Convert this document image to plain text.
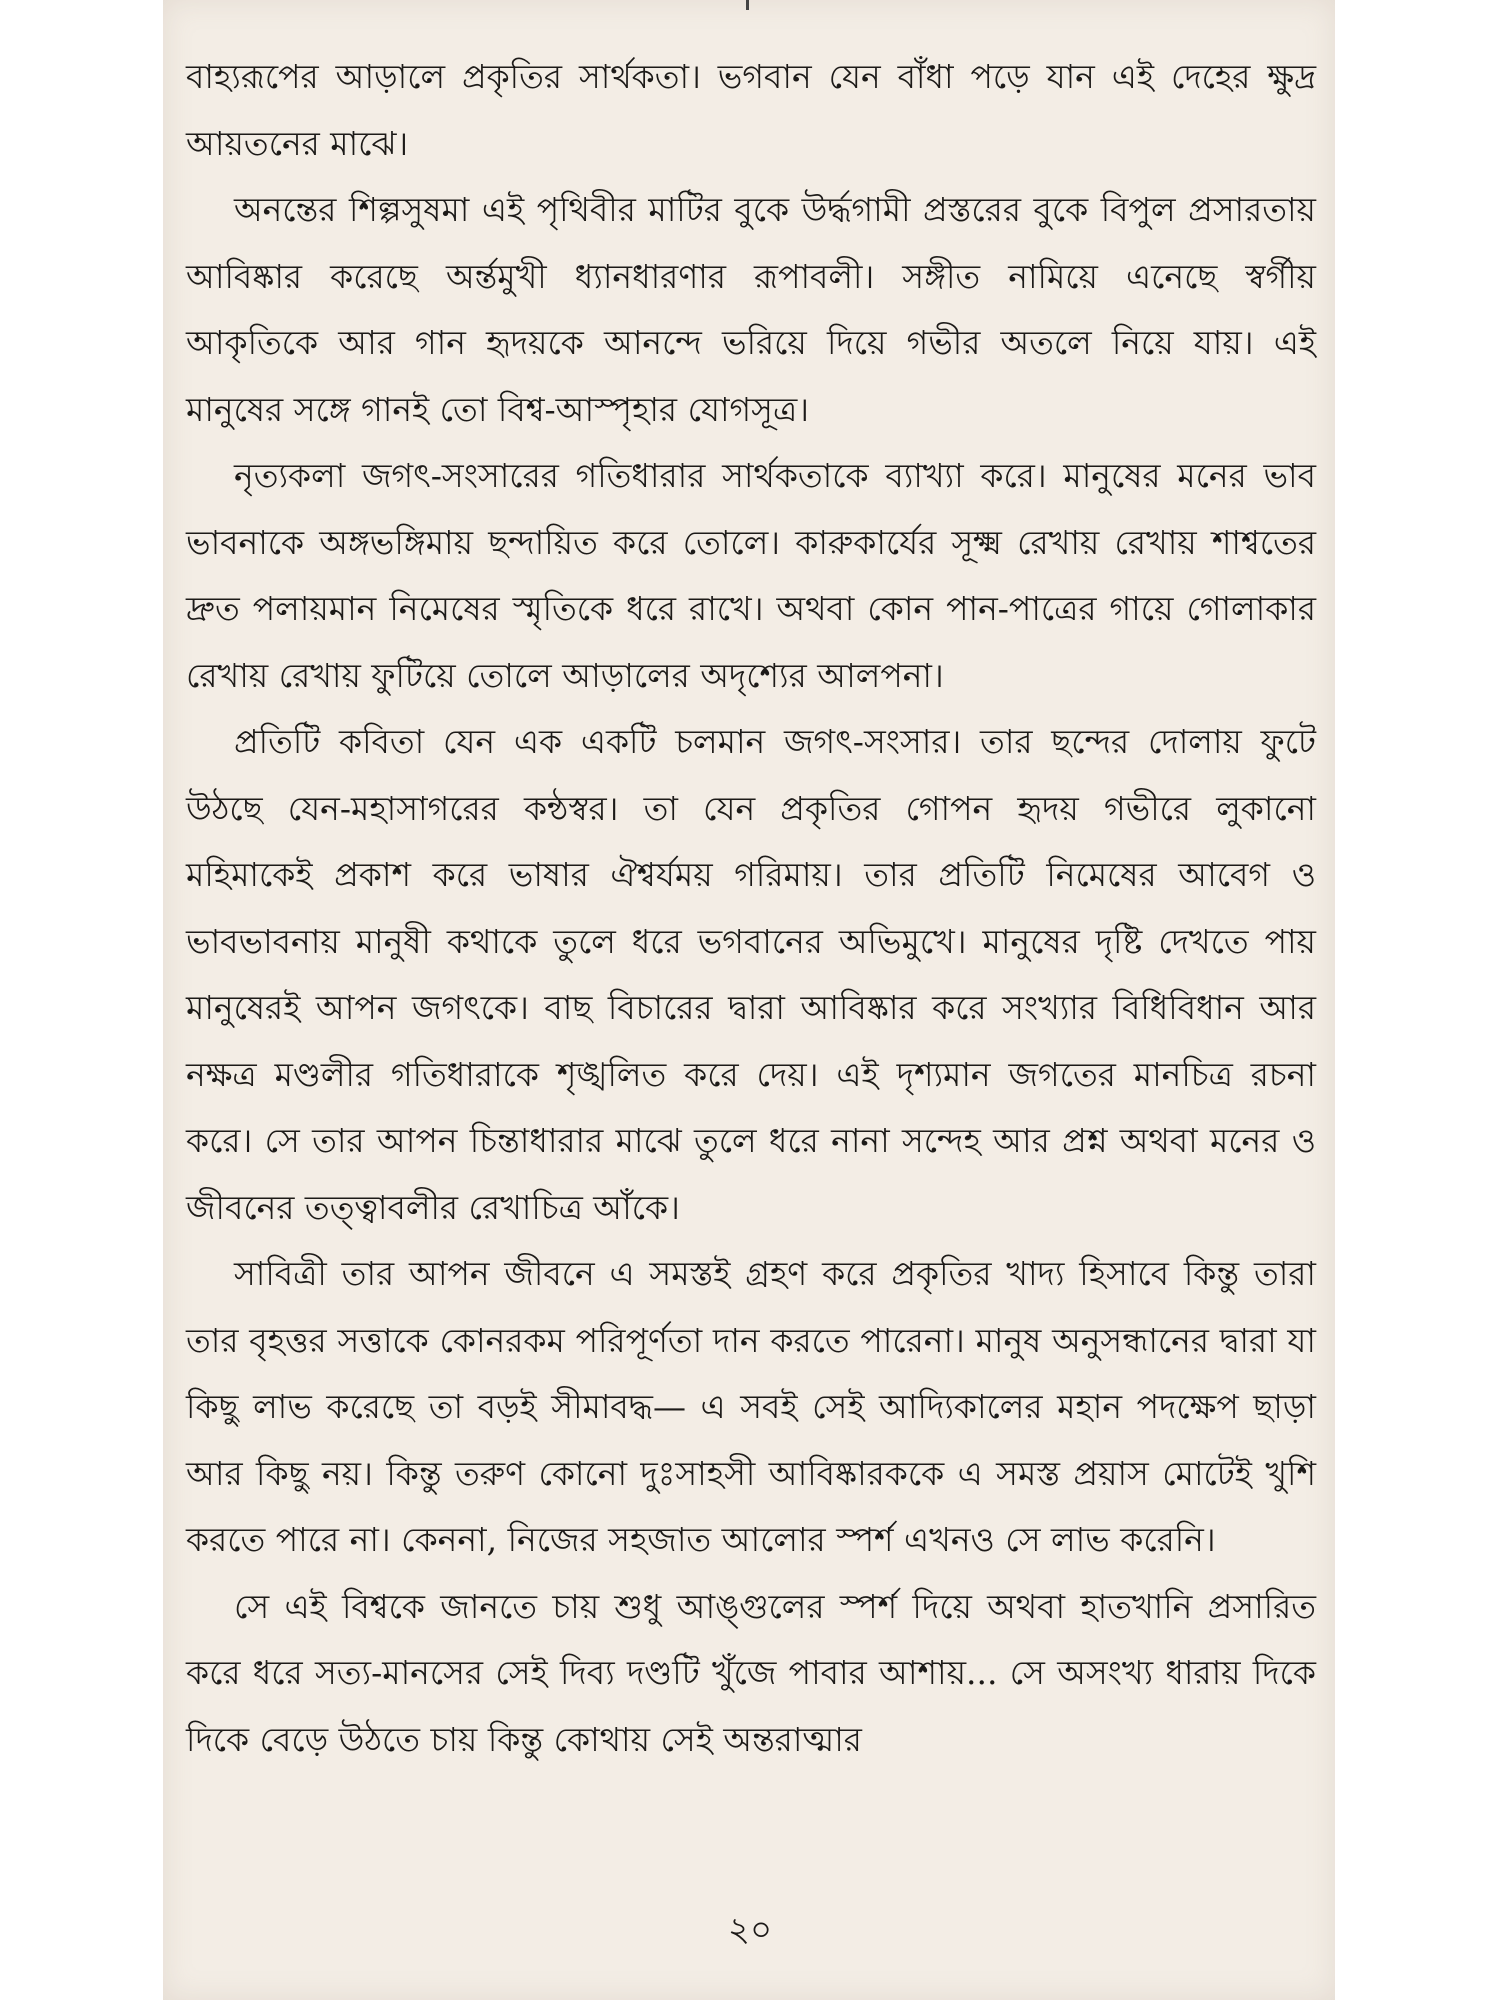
বাহ্যরূপের আড়ালে প্রকৃতির সার্থকতা। ভগবান যেন বাঁধা পড়ে যান এই দেহের ক্ষুদ্র আয়তনের মাঝে।

অনন্তের শিল্পসুষমা এই পৃথিবীর মাটির বুকে উর্দ্ধগামী প্রস্তরের বুকে বিপুল প্রসারতায় আবিষ্কার করেছে অর্ন্তমুখী ধ্যানধারণার রূপাবলী। সঙ্গীত নামিয়ে এনেছে স্বর্গীয় আকৃতিকে আর গান হৃদয়কে আনন্দে ভরিয়ে দিয়ে গভীর অতলে নিয়ে যায়। এই মানুষের সঙ্গে গানই তো বিশ্ব-আস্পৃহার যোগসূত্র।

নৃত্যকলা জগৎ-সংসারের গতিধারার সার্থকতাকে ব্যাখ্যা করে। মানুষের মনের ভাব ভাবনাকে অঙ্গভঙ্গিমায় ছন্দায়িত করে তোলে। কারুকার্যের সূক্ষ্ম রেখায় রেখায় শাশ্বতের দ্রুত পলায়মান নিমেষের স্মৃতিকে ধরে রাখে। অথবা কোন পান-পাত্রের গায়ে গোলাকার রেখায় রেখায় ফুটিয়ে তোলে আড়ালের অদৃশ্যের আলপনা।

প্রতিটি কবিতা যেন এক একটি চলমান জগৎ-সংসার। তার ছন্দের দোলায় ফুটে উঠছে যেন-মহাসাগরের কন্ঠস্বর। তা যেন প্রকৃতির গোপন হৃদয় গভীরে লুকানো মহিমাকেই প্রকাশ করে ভাষার ঐশ্বর্যময় গরিমায়। তার প্রতিটি নিমেষের আবেগ ও ভাবভাবনায় মানুষী কথাকে তুলে ধরে ভগবানের অভিমুখে। মানুষের দৃষ্টি দেখতে পায় মানুষেরই আপন জগৎকে। বাছ বিচারের দ্বারা আবিষ্কার করে সংখ্যার বিধিবিধান আর নক্ষত্র মণ্ডলীর গতিধারাকে শৃঙ্খলিত করে দেয়। এই দৃশ্যমান জগতের মানচিত্র রচনা করে। সে তার আপন চিন্তাধারার মাঝে তুলে ধরে নানা সন্দেহ আর প্রশ্ন অথবা মনের ও জীবনের তত্ত্বাবলীর রেখাচিত্র আঁকে।

সাবিত্রী তার আপন জীবনে এ সমস্তই গ্রহণ করে প্রকৃতির খাদ্য হিসাবে কিন্তু তারা তার বৃহত্তর সত্তাকে কোনরকম পরিপূর্ণতা দান করতে পারেনা। মানুষ অনুসন্ধানের দ্বারা যা কিছু লাভ করেছে তা বড়ই সীমাবদ্ধ— এ সবই সেই আদ্যিকালের মহান পদক্ষেপ ছাড়া আর কিছু নয়। কিন্তু তরুণ কোনো দুঃসাহসী আবিষ্কারককে এ সমস্ত প্রয়াস মোটেই খুশি করতে পারে না। কেননা, নিজের সহজাত আলোর স্পর্শ এখনও সে লাভ করেনি।

সে এই বিশ্বকে জানতে চায় শুধু আঙ্গুলের স্পর্শ দিয়ে অথবা হাতখানি প্রসারিত করে ধরে সত্য-মানসের সেই দিব্য দণ্ডটি খুঁজে পাবার আশায়... সে অসংখ্য ধারায় দিকে দিকে বেড়ে উঠতে চায় কিন্তু কোথায় সেই অন্তরাত্মার

২০
